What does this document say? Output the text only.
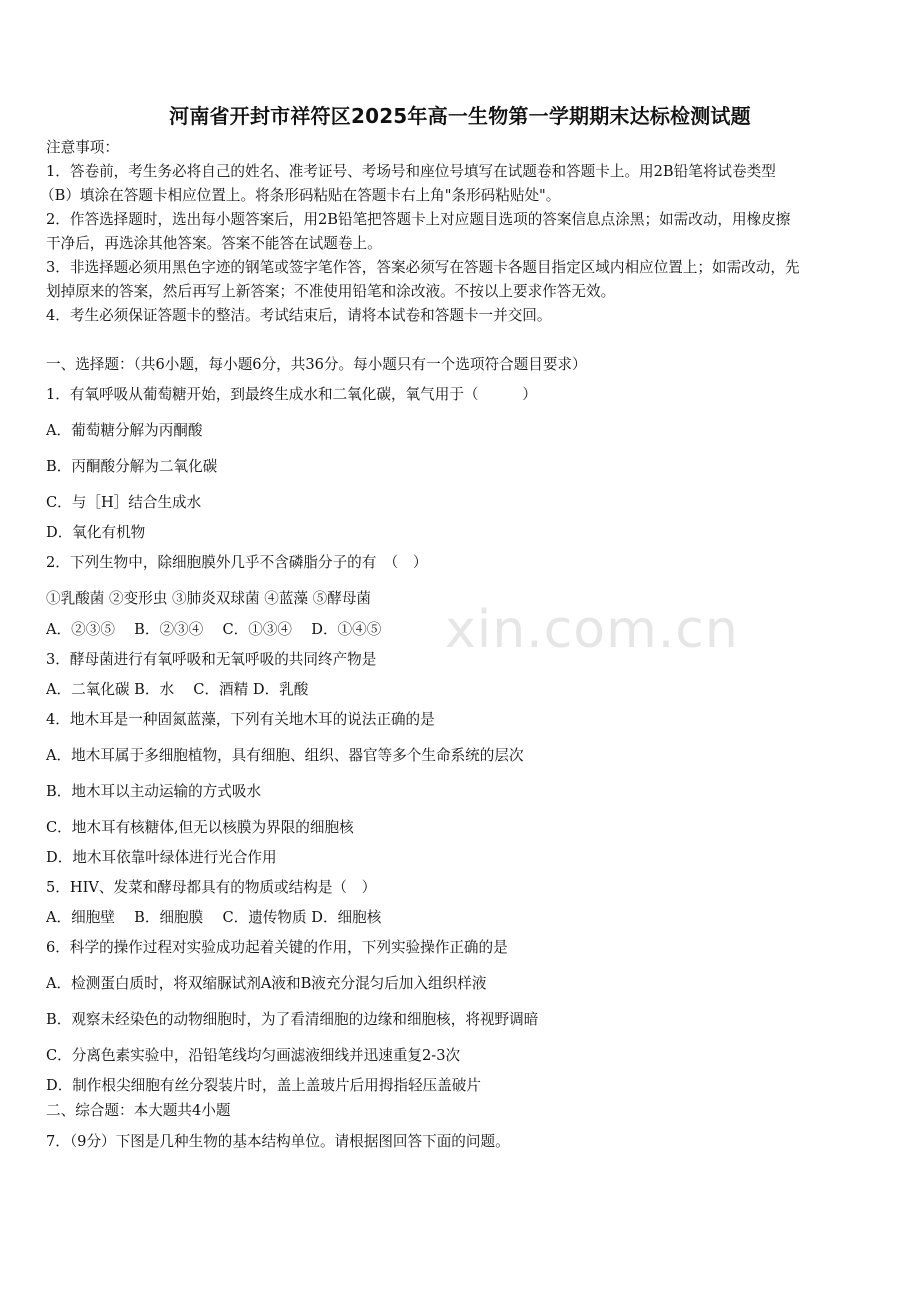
xin.com.cn
河南省开封市祥符区2025年高一生物第一学期期末达标检测试题
注意事项：
1．答卷前，考生务必将自己的姓名、准考证号、考场号和座位号填写在试题卷和答题卡上。用2B铅笔将试卷类型
（B）填涂在答题卡相应位置上。将条形码粘贴在答题卡右上角"条形码粘贴处"。
2．作答选择题时，选出每小题答案后，用2B铅笔把答题卡上对应题目选项的答案信息点涂黑；如需改动，用橡皮擦
干净后，再选涂其他答案。答案不能答在试题卷上。
3．非选择题必须用黑色字迹的钢笔或签字笔作答，答案必须写在答题卡各题目指定区域内相应位置上；如需改动，先
划掉原来的答案，然后再写上新答案；不准使用铅笔和涂改液。不按以上要求作答无效。
4．考生必须保证答题卡的整洁。考试结束后，请将本试卷和答题卡一并交回。
一、选择题：（共6小题，每小题6分，共36分。每小题只有一个选项符合题目要求）
1．有氧呼吸从葡萄糖开始，到最终生成水和二氧化碳，氧气用于（　　　）
A．葡萄糖分解为丙酮酸
B．丙酮酸分解为二氧化碳
C．与［H］结合生成水
D．氧化有机物
2．下列生物中，除细胞膜外几乎不含磷脂分子的有　（　）
①乳酸菌 ②变形虫 ③肺炎双球菌 ④蓝藻 ⑤酵母菌
A．②③⑤　 B．②③④　 C．①③④　 D．①④⑤
3．酵母菌进行有氧呼吸和无氧呼吸的共同终产物是
A．二氧化碳 B．水　 C．酒精 D．乳酸
4．地木耳是一种固氮蓝藻，下列有关地木耳的说法正确的是
A．地木耳属于多细胞植物，具有细胞、组织、器官等多个生命系统的层次
B．地木耳以主动运输的方式吸水
C．地木耳有核糖体,但无以核膜为界限的细胞核
D．地木耳依靠叶绿体进行光合作用
5．HIV、发菜和酵母都具有的物质或结构是（　）
A．细胞壁　 B．细胞膜　 C．遗传物质 D．细胞核
6．科学的操作过程对实验成功起着关键的作用，下列实验操作正确的是
A．检测蛋白质时，将双缩脲试剂A液和B液充分混匀后加入组织样液
B．观察未经染色的动物细胞时，为了看清细胞的边缘和细胞核，将视野调暗
C．分离色素实验中，沿铅笔线均匀画滤液细线并迅速重复2-3次
D．制作根尖细胞有丝分裂装片时，盖上盖玻片后用拇指轻压盖破片
二、综合题：本大题共4小题
7．（9分）下图是几种生物的基本结构单位。请根据图回答下面的问题。
